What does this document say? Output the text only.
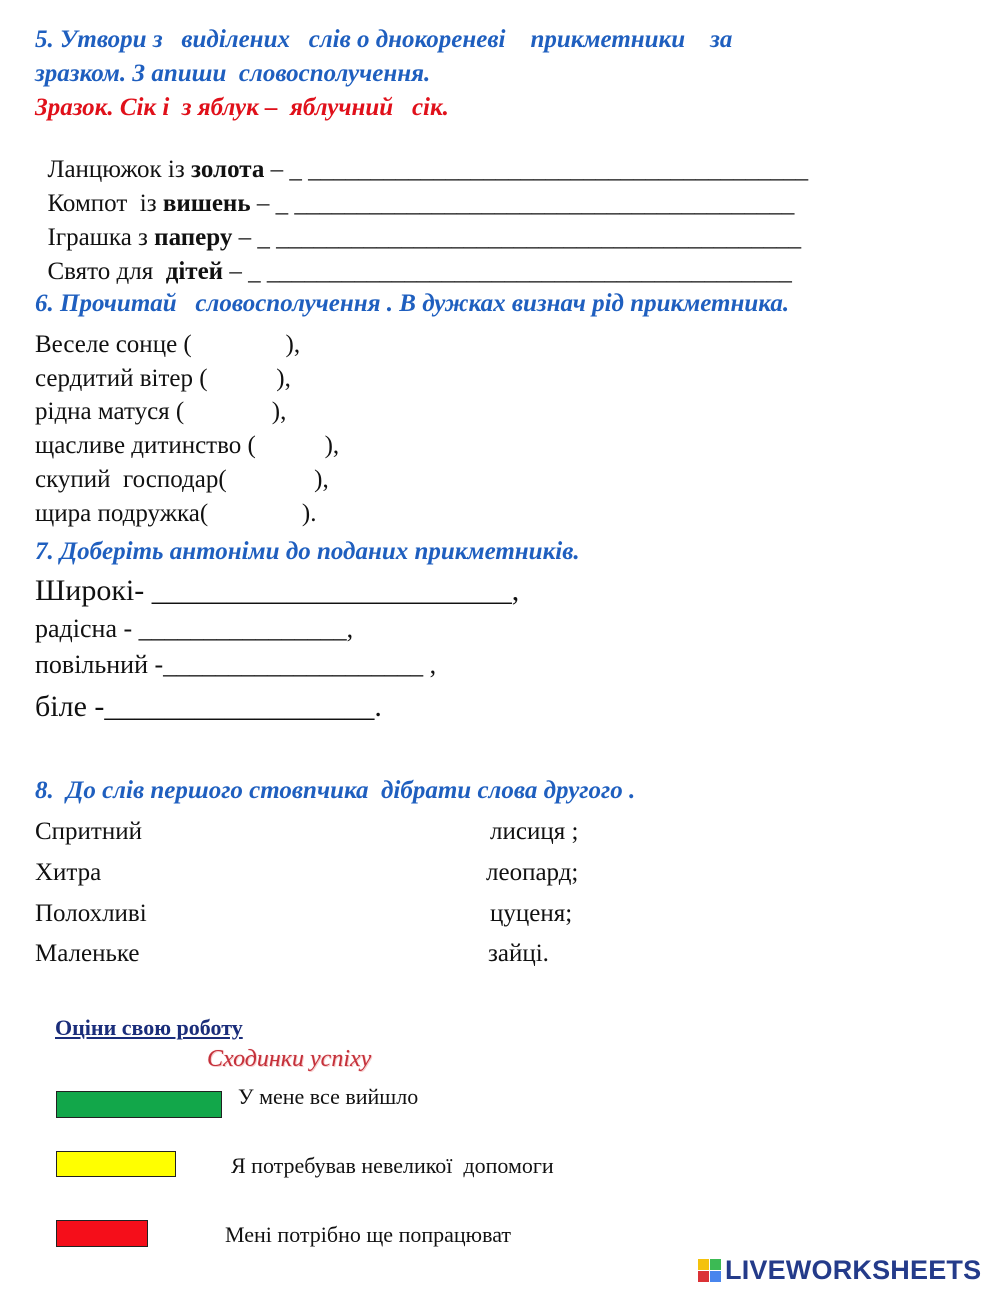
5. Утвори з   виділених   слів о днокореневі    прикметники    за
зразком. З апиши  словосполучення.
Зразок. Сік і  з яблук –  яблучний   сік.

Ланцюжок із золота – _ ________________________________________

Компот  із вишень – _ ________________________________________

Іграшка з паперу – _ __________________________________________

Свято для  дітей – _ __________________________________________

6. Прочитай   словосполучення . В дужках визнач рід прикметника.
Веселе сонце (               ),
сердитий вітер (           ),
рідна матуся (              ),
щасливе дитинство (           ),
скупий  господар(              ),
щира подружка(               ).
7. Доберіть антоніми до поданих прикметників.
Широкі- ________________________,
радісна - ________________,
повільний -____________________ ,
біле -__________________.
8.  До слів першого стовпчика  дібрати слова другого .
Спритний
Хитра
Полохливі
Маленьке
лисиця ;
леопард;
цуценя;
зайці.
Оціни свою роботу
Сходинки успіху
У мене все вийшло
Я потребував невеликої  допомоги
Мені потрібно ще попрацюват
LIVEWORKSHEETS
